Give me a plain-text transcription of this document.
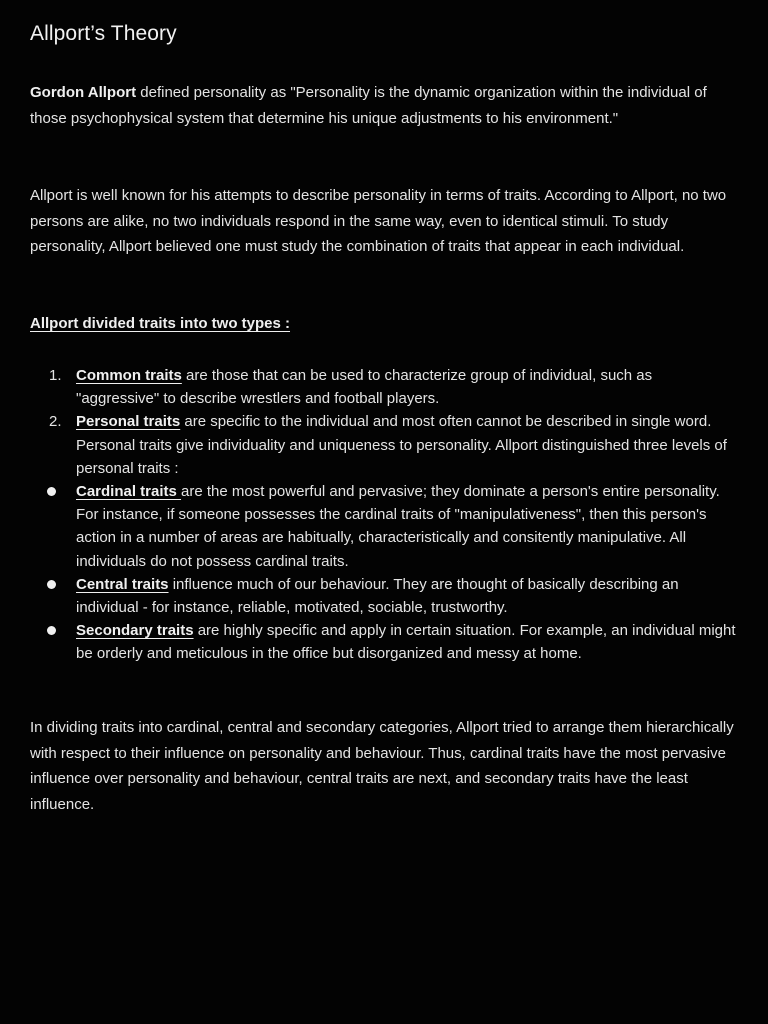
Allport’s Theory

Gordon Allport defined personality as "Personality is the dynamic organization within the individual of those psychophysical system that determine his unique adjustments to his environment."

Allport is well known for his attempts to describe personality in terms of traits. According to Allport, no two persons are alike, no two individuals respond in the same way, even to identical stimuli. To study personality, Allport believed one must study the combination of traits that appear in each individual.

Allport divided traits into two types :
1. Common traits are those that can be used to characterize group of individual, such as "aggressive" to describe wrestlers and football players.
2. Personal traits are specific to the individual and most often cannot be described in single word. Personal traits give individuality and uniqueness to personality. Allport distinguished three levels of personal traits :
Cardinal traits are the most powerful and pervasive; they dominate a person's entire personality. For instance, if someone possesses the cardinal traits of "manipulativeness", then this person's action in a number of areas are habitually, characteristically and consitently manipulative. All individuals do not possess cardinal traits.
Central traits influence much of our behaviour. They are thought of basically describing an individual - for instance, reliable, motivated, sociable, trustworthy.
Secondary traits are highly specific and apply in certain situation. For example, an individual might be orderly and meticulous in the office but disorganized and messy at home.

In dividing traits into cardinal, central and secondary categories, Allport tried to arrange them hierarchically with respect to their influence on personality and behaviour. Thus, cardinal traits have the most pervasive influence over personality and behaviour, central traits are next, and secondary traits have the least influence.
